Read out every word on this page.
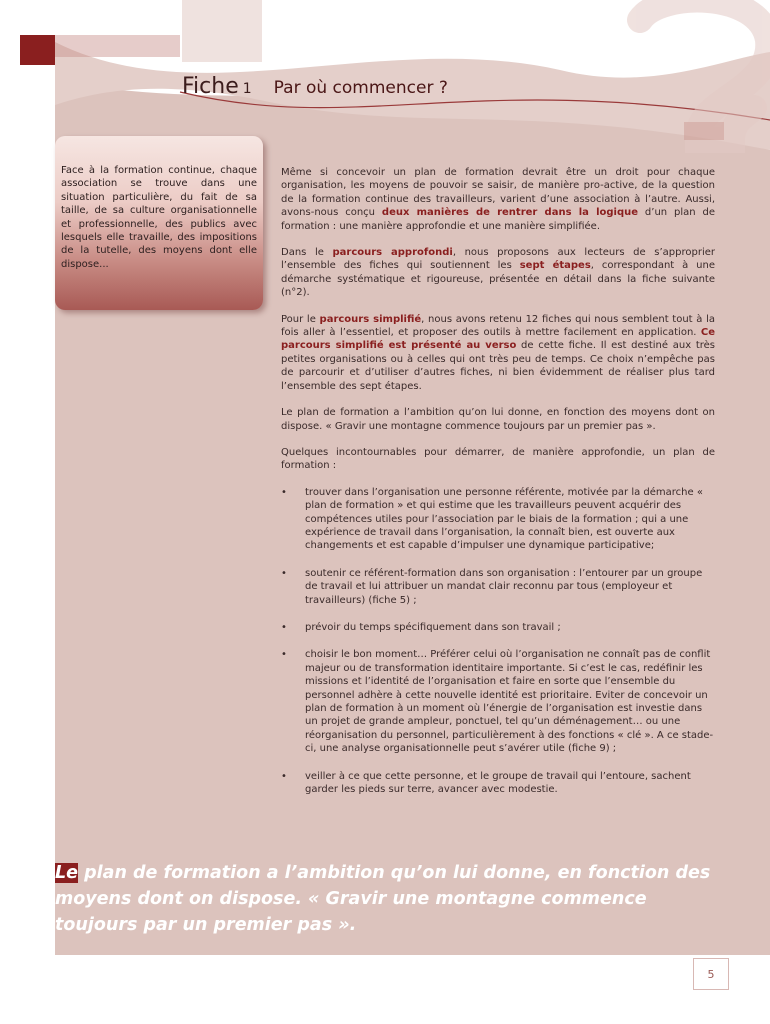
Fiche 1 Par où commencer ?
Face à la formation continue, chaque association se trouve dans une situation particulière, du fait de sa taille, de sa culture organisationnelle et professionnelle, des publics avec lesquels elle travaille, des impositions de la tutelle, des moyens dont elle dispose...

Même si concevoir un plan de formation devrait être un droit pour chaque organisation, les moyens de pouvoir se saisir, de manière pro-active, de la question de la formation continue des travailleurs, varient d’une association à l’autre. Aussi, avons-nous conçu deux manières de rentrer dans la logique d’un plan de formation : une manière approfondie et une manière simplifiée.

Dans le parcours approfondi, nous proposons aux lecteurs de s’approprier l’ensemble des fiches qui soutiennent les sept étapes, correspondant à une démarche systématique et rigoureuse, présentée en détail dans la fiche suivante (n°2).

Pour le parcours simplifié, nous avons retenu 12 fiches qui nous semblent tout à la fois aller à l’essentiel, et proposer des outils à mettre facilement en application. Ce parcours simplifié est présenté au verso de cette fiche. Il est destiné aux très petites organisations ou à celles qui ont très peu de temps. Ce choix n’empêche pas de parcourir et d’utiliser d’autres fiches, ni bien évidemment de réaliser plus tard l’ensemble des sept étapes.

Le plan de formation a l’ambition qu’on lui donne, en fonction des moyens dont on dispose. « Gravir une montagne commence toujours par un premier pas ».

Quelques incontournables pour démarrer, de manière approfondie, un plan de formation :

• trouver dans l’organisation une personne référente, motivée par la démarche « plan de formation » et qui estime que les travailleurs peuvent acquérir des compétences utiles pour l’association par le biais de la formation ; qui a une expérience de travail dans l’organisation, la connaît bien, est ouverte aux changements et est capable d’impulser une dynamique participative;
• soutenir ce référent-formation dans son organisation : l’entourer par un groupe de travail et lui attribuer un mandat clair reconnu par tous (employeur et travailleurs) (fiche 5) ;
• prévoir du temps spécifiquement dans son travail ;
• choisir le bon moment… Préférer celui où l’organisation ne connaît pas de conflit majeur ou de transformation identitaire importante. Si c’est le cas, redéfinir les missions et l’identité de l’organisation et faire en sorte que l’ensemble du personnel adhère à cette nouvelle identité est prioritaire. Eviter de concevoir un plan de formation à un moment où l’énergie de l’organisation est investie dans un projet de grande ampleur, ponctuel, tel qu’un déménagement… ou une réorganisation du personnel, particulièrement à des fonctions « clé ». A ce stade-ci, une analyse organisationnelle peut s’avérer utile (fiche 9) ;
• veiller à ce que cette personne, et le groupe de travail qui l’entoure, sachent garder les pieds sur terre, avancer avec modestie.
Le plan de formation a l’ambition qu’on lui donne, en fonction des moyens dont on dispose. « Gravir une montagne commence toujours par un premier pas ».
5
